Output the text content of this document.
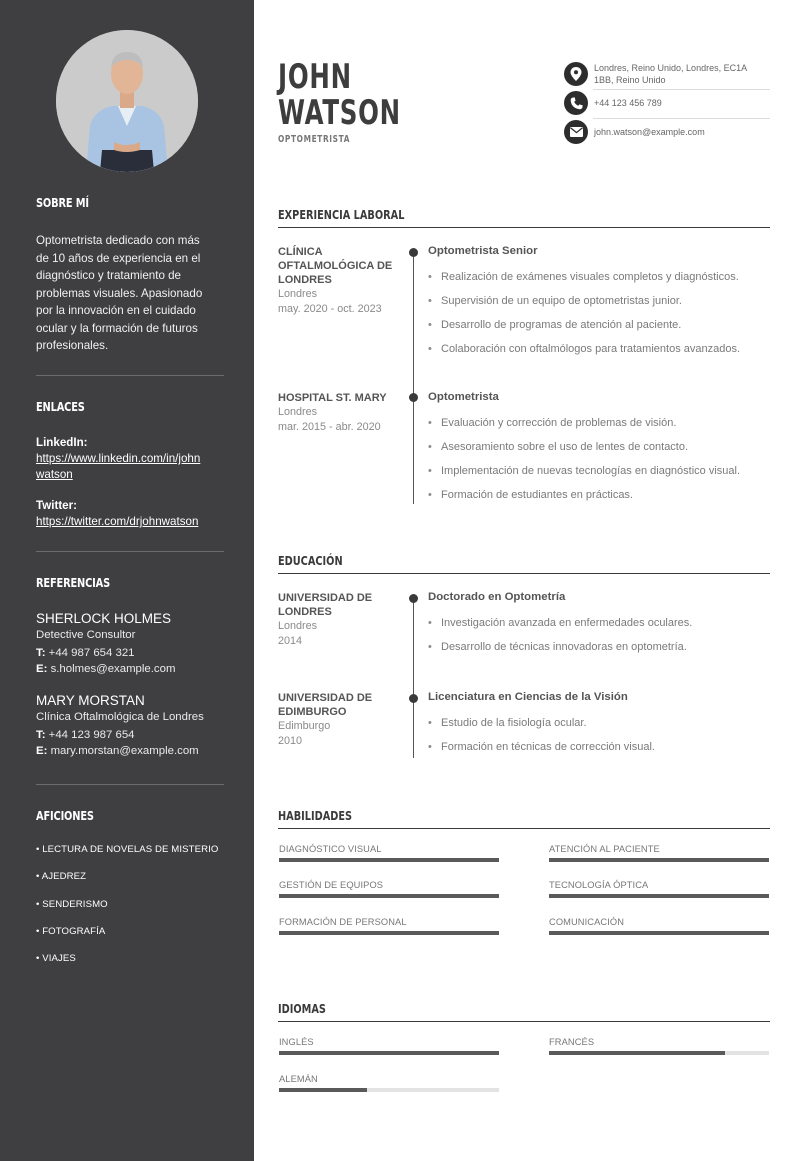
SOBRE MÍ
Optometrista dedicado con más
de 10 años de experiencia en el
diagnóstico y tratamiento de
problemas visuales. Apasionado
por la innovación en el cuidado
ocular y la formación de futuros
profesionales.
ENLACES
LinkedIn:
https://www.linkedin.com/in/john
watson
Twitter:
https://twitter.com/drjohnwatson
REFERENCIAS
SHERLOCK HOLMES
Detective Consultor
T: +44 987 654 321
E: s.holmes@example.com
MARY MORSTAN
Clínica Oftalmológica de Londres
T: +44 123 987 654
E: mary.morstan@example.com
AFICIONES
• LECTURA DE NOVELAS DE MISTERIO
• AJEDREZ
• SENDERISMO
• FOTOGRAFÍA
• VIAJES
JOHN
WATSON
OPTOMETRISTA
Londres, Reino Unido, Londres, EC1A
1BB, Reino Unido
+44 123 456 789
john.watson@example.com
EXPERIENCIA LABORAL
CLÍNICA
OFTALMOLÓGICA DE
LONDRES
Londres
may. 2020 - oct. 2023
Optometrista Senior
• Realización de exámenes visuales completos y diagnósticos.
• Supervisión de un equipo de optometristas junior.
• Desarrollo de programas de atención al paciente.
• Colaboración con oftalmólogos para tratamientos avanzados.
HOSPITAL ST. MARY
Londres
mar. 2015 - abr. 2020
Optometrista
• Evaluación y corrección de problemas de visión.
• Asesoramiento sobre el uso de lentes de contacto.
• Implementación de nuevas tecnologías en diagnóstico visual.
• Formación de estudiantes en prácticas.
EDUCACIÓN
UNIVERSIDAD DE
LONDRES
Londres
2014
Doctorado en Optometría
• Investigación avanzada en enfermedades oculares.
• Desarrollo de técnicas innovadoras en optometría.
UNIVERSIDAD DE
EDIMBURGO
Edimburgo
2010
Licenciatura en Ciencias de la Visión
• Estudio de la fisiología ocular.
• Formación en técnicas de corrección visual.
HABILIDADES
DIAGNÓSTICO VISUAL	ATENCIÓN AL PACIENTE
GESTIÓN DE EQUIPOS	TECNOLOGÍA ÓPTICA
FORMACIÓN DE PERSONAL	COMUNICACIÓN
IDIOMAS
INGLÉS	FRANCÉS
ALEMÁN
